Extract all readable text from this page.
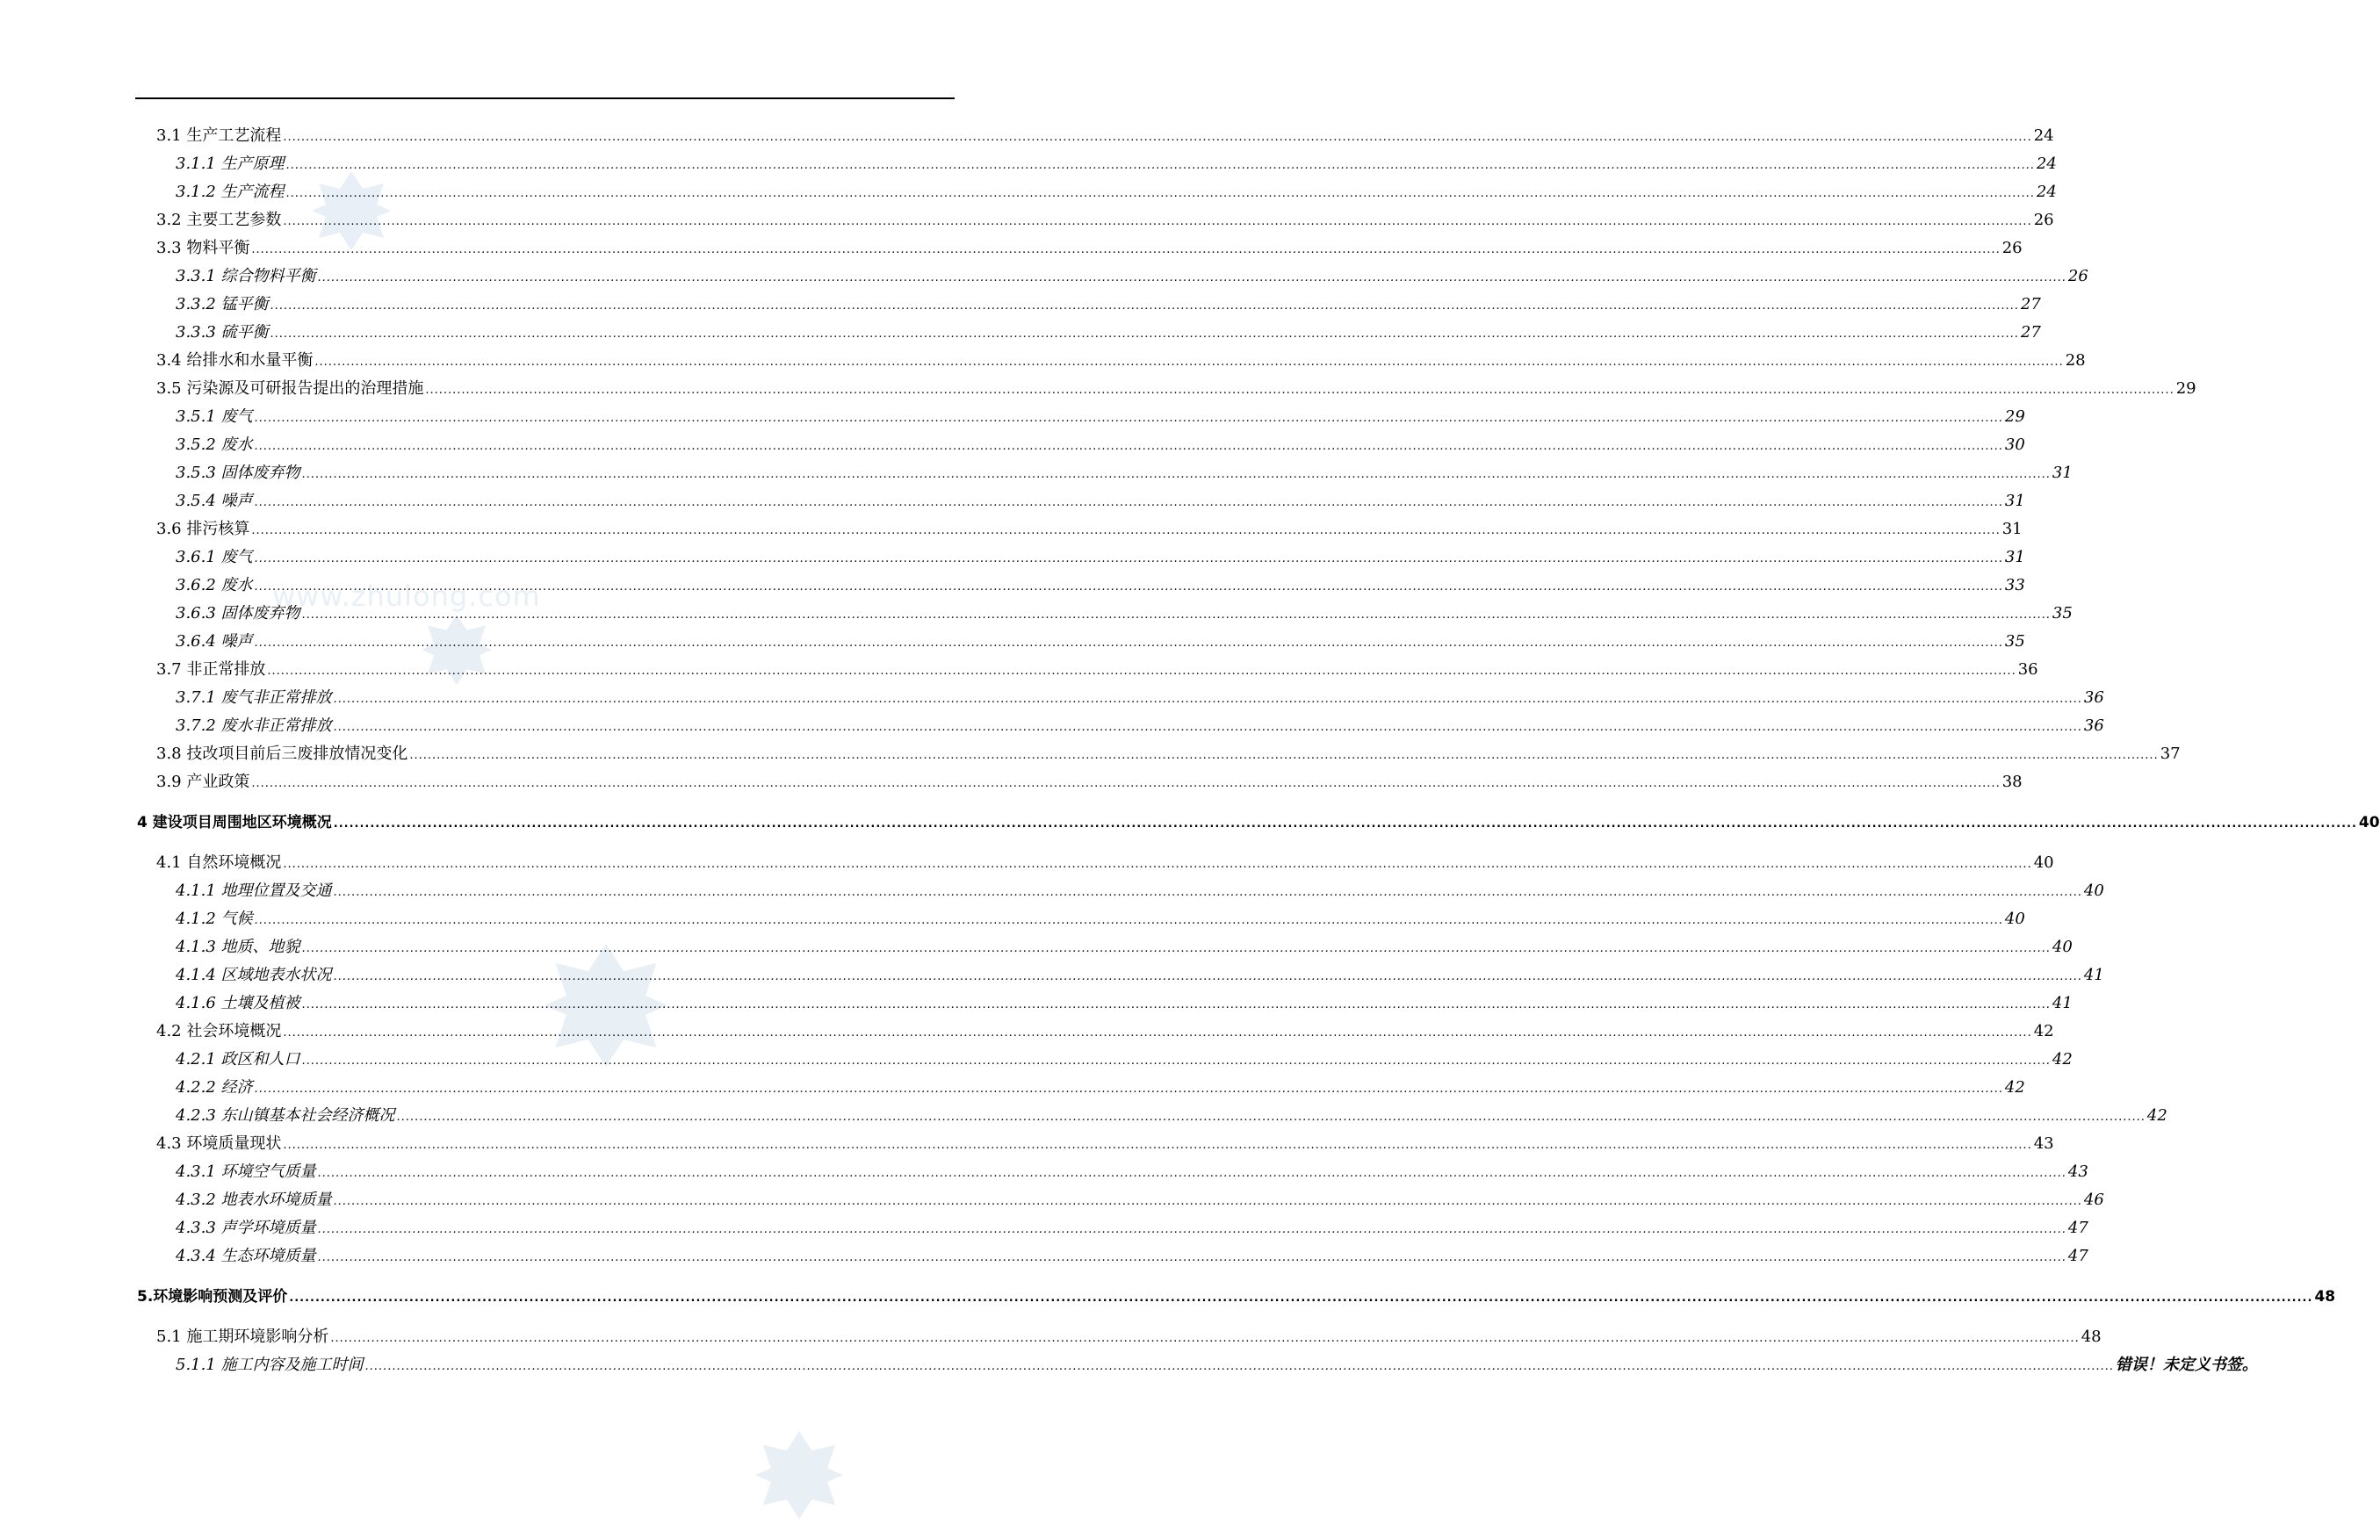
www.zhulong.com
3.1 生产工艺流程 .....	24
3.1.1 生产原理 .....	24
3.1.2 生产流程 .....	24
3.2 主要工艺参数 .....	26
3.3 物料平衡 .....	26
3.3.1 综合物料平衡 .....	26
3.3.2 锰平衡 .....	27
3.3.3 硫平衡 .....	27
3.4 给排水和水量平衡 .....	28
3.5 污染源及可研报告提出的治理措施 .....	29
3.5.1 废气 .....	29
3.5.2 废水 .....	30
3.5.3 固体废弃物 .....	31
3.5.4 噪声 .....	31
3.6 排污核算 .....	31
3.6.1 废气 .....	31
3.6.2 废水 .....	33
3.6.3 固体废弃物 .....	35
3.6.4 噪声 .....	35
3.7 非正常排放 .....	36
3.7.1 废气非正常排放 .....	36
3.7.2 废水非正常排放 .....	36
3.8 技改项目前后三废排放情况变化 .....	37
3.9 产业政策 .....	38
4 建设项目周围地区环境概况 .....	40
4.1 自然环境概况 .....	40
4.1.1 地理位置及交通 .....	40
4.1.2 气候 .....	40
4.1.3 地质、地貌 .....	40
4.1.4 区域地表水状况 .....	41
4.1.6 土壤及植被 .....	41
4.2 社会环境概况 .....	42
4.2.1 政区和人口 .....	42
4.2.2 经济 .....	42
4.2.3 东山镇基本社会经济概况 .....	42
4.3 环境质量现状 .....	43
4.3.1 环境空气质量 .....	43
4.3.2 地表水环境质量 .....	46
4.3.3 声学环境质量 .....	47
4.3.4 生态环境质量 .....	47
5.环境影响预测及评价 .....	48
5.1 施工期环境影响分析 .....	48
5.1.1 施工内容及施工时间 .....	错误！未定义书签。
